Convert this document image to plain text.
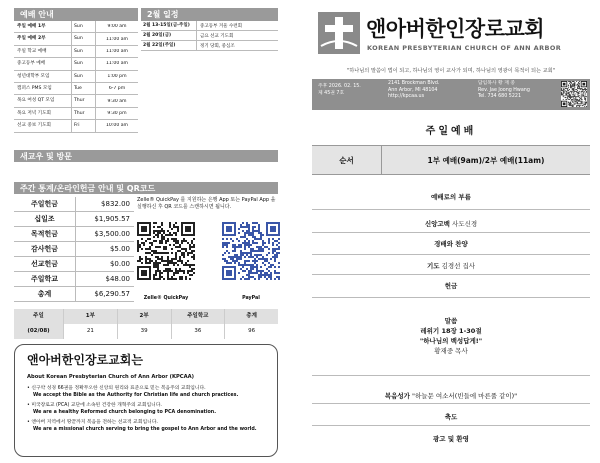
예배 안내
주일 예배 1부	Sun	9:00 am
주일 예배 2부	Sun	11:00 am
주일 학교 예배	Sun	11:00 am
중고등부 예배	Sun	11:00 am
청년대학부 모임	Sun	1:00 pm
캠퍼스 PMS 모임	Tue	6-7 pm
목요 여성 QT 모임	Thur	9:30 am
목요 저녁 기도회	Thur	9:30 pm
선교 중보 기도회	Fri	10:00 am
2월 일정
2월 13-15일(금-주일)	중고등부 겨울 수련회
2월 20일(금)	금요 선교 기도회
2월 22일(주일)	정기 당회, 중심조
새교우 및 방문
주간 통계/온라인헌금 안내 및 QR코드
주일헌금	$832.00
십일조	$1,905.57
목적헌금	$3,500.00
감사헌금	$5.00
선교헌금	$0.00
주일학교	$48.00
총계	$6,290.57
Zelle® QuickPay 를 지원하는 은행 App 또는 PayPal App 을 실행하신 후 QR 코드를 스캔하시면 됩니다.
Zelle® QuickPay	PayPal
주일	1부	2부	주일학교	총계
(02/08)	21	39	36	96
앤아버한인장로교회는
About Korean Presbyterian Church of Ann Arbor (KPCAA)
• 신구약 성경 66권을 정확무오한 신앙의 원리와 표준으로 믿는 복음주의 교회입니다.
We accept the Bible as the Authority for Christian life and church practices.
• 미국장로교 (PCA) 교단에 소속된 건강한 개혁주의 교회입니다.
We are a healthy Reformed church belonging to PCA denomination.
• 앤아버 지역에서 땅끝까지 복음을 전하는 선교적 교회입니다.
We are a missional church serving to bring the gospel to Ann Arbor and the world.
앤아버한인장로교회
KOREAN PRESBYTERIAN CHURCH OF ANN ARBOR
"하나님의 말씀이 법이 되고, 하나님의 영이 교사가 되며, 하나님의 영광이 목적이 되는 교회"
주후 2026. 02. 15.
제 45권 7호
2141 Brockman Blvd.
Ann Arbor, MI 48104
http://kpcaa.us
담임목사 황 재 중
Rev. Jae Joong Hwang
Tel. 734 680 5221
주일예배
순서	1부 예배(9am)/2부 예배(11am)
예배로의 부름
신앙고백 사도신경
경배와 찬양
기도 김경선 집사
헌금
말씀
레위기 18장 1-30절
"하나님의 백성답게!"
황재중 목사
복음성가 "하늘문 여소서(빈들에 마른풀 같이)"
축도
광고 및 환영
